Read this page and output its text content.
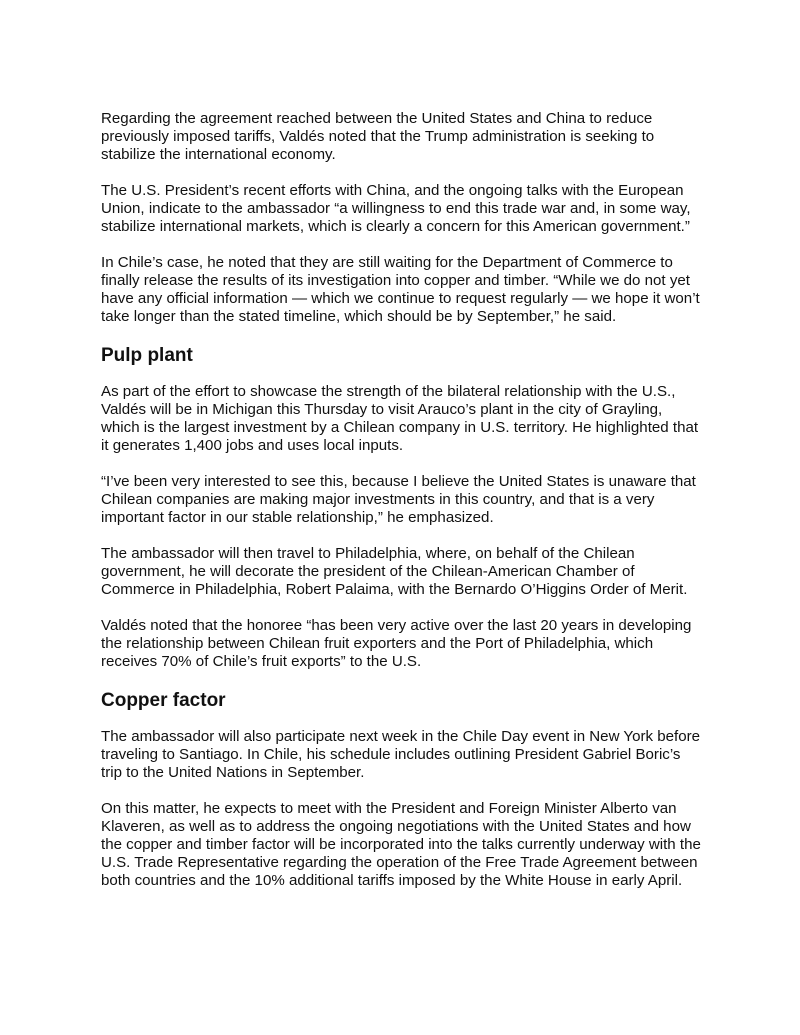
Regarding the agreement reached between the United States and China to reduce previously imposed tariffs, Valdés noted that the Trump administration is seeking to stabilize the international economy.

The U.S. President’s recent efforts with China, and the ongoing talks with the European Union, indicate to the ambassador “a willingness to end this trade war and, in some way, stabilize international markets, which is clearly a concern for this American government.”

In Chile’s case, he noted that they are still waiting for the Department of Commerce to finally release the results of its investigation into copper and timber. “While we do not yet have any official information — which we continue to request regularly — we hope it won’t take longer than the stated timeline, which should be by September,” he said.

Pulp plant

As part of the effort to showcase the strength of the bilateral relationship with the U.S., Valdés will be in Michigan this Thursday to visit Arauco’s plant in the city of Grayling, which is the largest investment by a Chilean company in U.S. territory. He highlighted that it generates 1,400 jobs and uses local inputs.

“I’ve been very interested to see this, because I believe the United States is unaware that Chilean companies are making major investments in this country, and that is a very important factor in our stable relationship,” he emphasized.

The ambassador will then travel to Philadelphia, where, on behalf of the Chilean government, he will decorate the president of the Chilean-American Chamber of Commerce in Philadelphia, Robert Palaima, with the Bernardo O’Higgins Order of Merit.

Valdés noted that the honoree “has been very active over the last 20 years in developing the relationship between Chilean fruit exporters and the Port of Philadelphia, which receives 70% of Chile’s fruit exports” to the U.S.

Copper factor

The ambassador will also participate next week in the Chile Day event in New York before traveling to Santiago. In Chile, his schedule includes outlining President Gabriel Boric’s trip to the United Nations in September.

On this matter, he expects to meet with the President and Foreign Minister Alberto van Klaveren, as well as to address the ongoing negotiations with the United States and how the copper and timber factor will be incorporated into the talks currently underway with the U.S. Trade Representative regarding the operation of the Free Trade Agreement between both countries and the 10% additional tariffs imposed by the White House in early April.
